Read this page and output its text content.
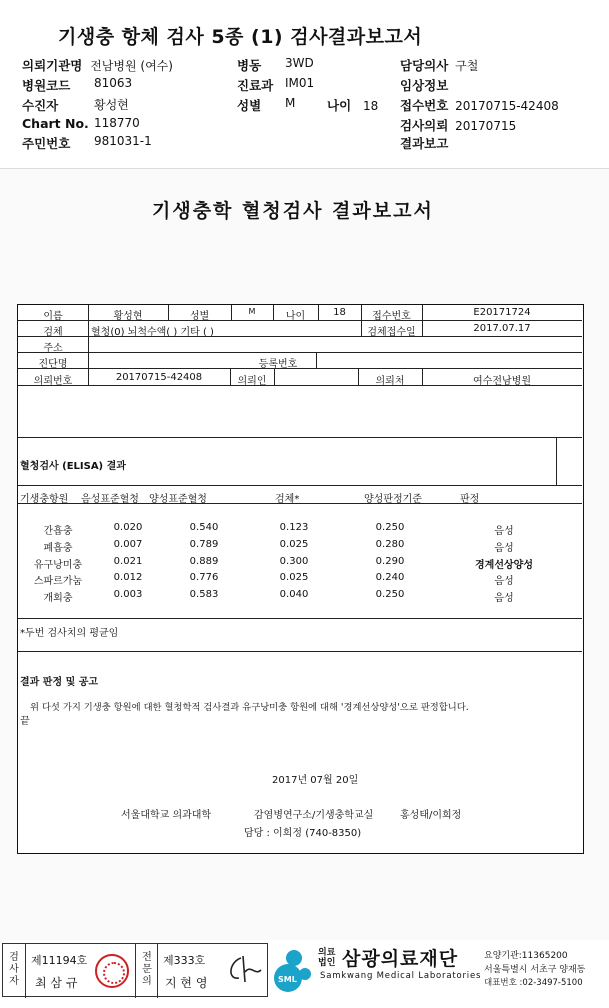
기생충 항체 검사 5종 (1) 검사결과보고서
의뢰기관명 전남병원 (여수)	병동 3WD	담당의사 구철
병원코드 81063	진료과 IM01	임상정보
수진자	황성현	성별 M	나이 18 접수번호 20170715-42408
Chart No. 118770	검사의뢰 20170715
주민번호 981031-1	결과보고
기생충학 혈청검사 결과보고서
이름	황성현	성별	M	나이	18	접수번호	E20171724
검체	혈청(0) 뇌척수액( ) 기타 ( )	검체접수일	2017.07.17
주소
진단명	등록번호
의뢰번호	20170715-42408	의뢰인	의뢰처	여수전남병원
혈청검사 (ELISA) 결과
기생충항원 음성표준혈청 양성표준혈청	검체*	양성판정기준	판정
간흡충	0.020	0.540	0.123	0.250	음성
폐흡충	0.007	0.789	0.025	0.280	음성
유구낭미충	0.021	0.889	0.300	0.290	경계선상양성
스파르가눔	0.012	0.776	0.025	0.240	음성
개회충	0.003	0.583	0.040	0.250	음성
*두번 검사치의 평균임
결과 판정 및 공고
위 다섯 가지 기생충 항원에 대한 혈청학적 검사결과 유구낭미충 항원에 대해 '경계선상양성'으로 판정합니다.
끝
2017년 07월 20일
서울대학교 의과대학	감염병연구소/기생충학교실	홍성태/이희정
담당 : 이희정 (740-8350)
검사자
제11194호
최 삼 규
전문의
제333호
지 현 영	SML
의료법인 삼광의료재단
Samkwang Medical Laboratories
요양기관:11365200
서울특별시 서초구 양재동
대표번호 :02-3497-5100
